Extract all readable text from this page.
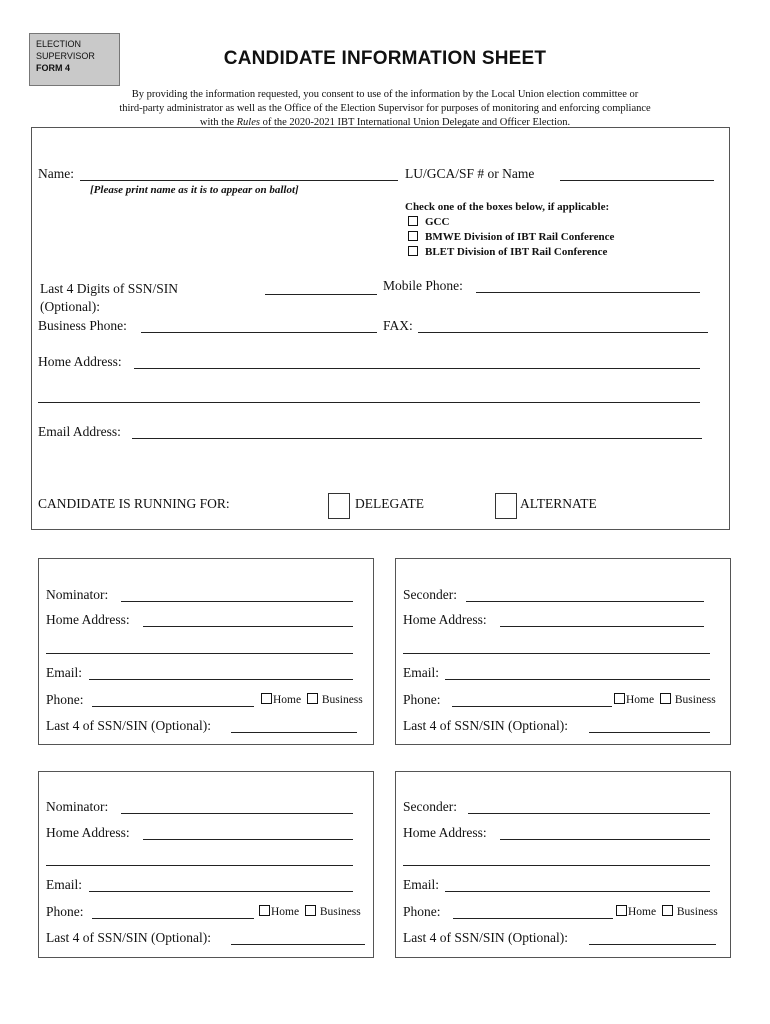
ELECTION
SUPERVISOR
FORM 4	CANDIDATE INFORMATION SHEET
By providing the information requested, you consent to use of the information by the Local Union election committee or
third-party administrator as well as the Office of the Election Supervisor for purposes of monitoring and enforcing compliance
with the Rules of the 2020-2021 IBT International Union Delegate and Officer Election.
Name:
[Please print name as it is to appear on ballot]
LU/GCA/SF # or Name
Check one of the boxes below, if applicable:
GCC
BMWE Division of IBT Rail Conference
BLET Division of IBT Rail Conference
Last 4 Digits of SSN/SIN
(Optional):
Mobile Phone:
Business Phone:	FAX:
Home Address:
Email Address:
CANDIDATE IS RUNNING FOR:	DELEGATE	ALTERNATE
Nominator:
Home Address:
Email:
Phone:	Home Business
Last 4 of SSN/SIN (Optional):
Seconder:
Home Address:
Email:
Phone:	Home Business
Last 4 of SSN/SIN (Optional):
Nominator:
Home Address:
Email:
Phone:	Home Business
Last 4 of SSN/SIN (Optional):
Seconder:
Home Address:
Email:
Phone:	Home Business
Last 4 of SSN/SIN (Optional):
